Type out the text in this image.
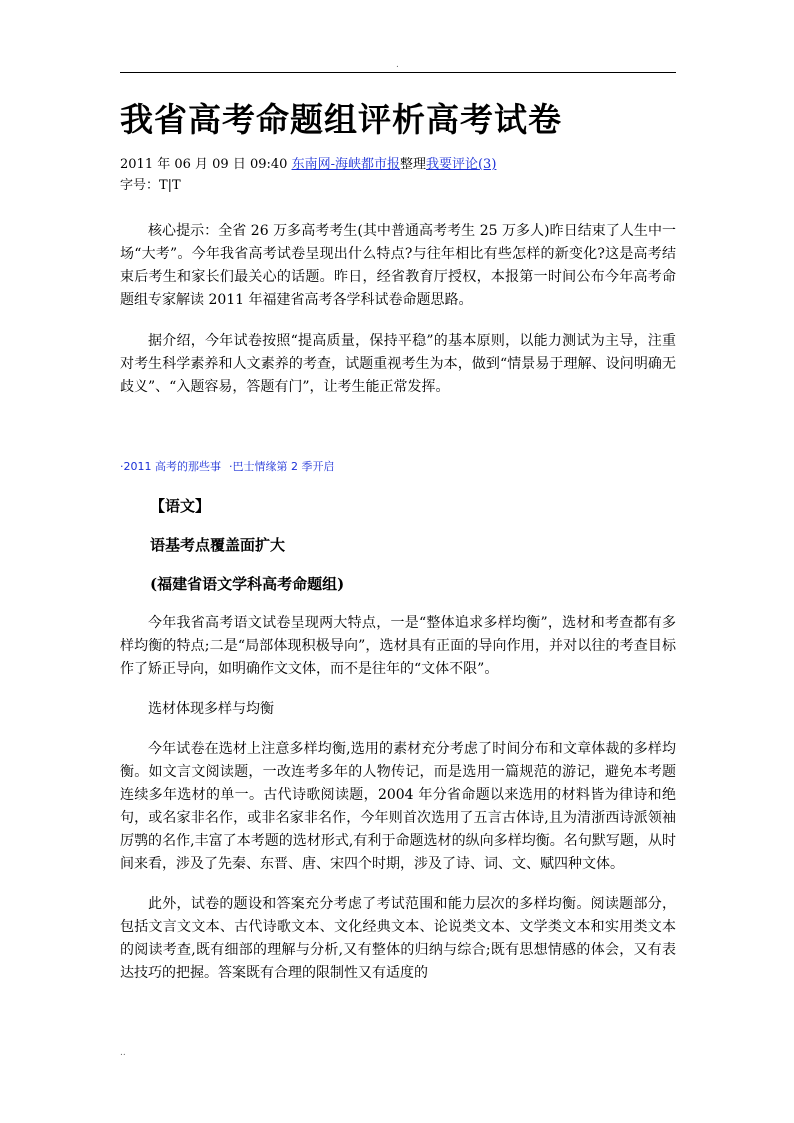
.
我省高考命题组评析高考试卷
2011 年 06 月 09 日 09:40 东南网-海峡都市报整理我要评论(3)
字号：T|T

核心提示：全省 26 万多高考考生(其中普通高考考生 25 万多人)昨日结束了人生中一场“大考”。今年我省高考试卷呈现出什么特点?与往年相比有些怎样的新变化?这是高考结束后考生和家长们最关心的话题。昨日，经省教育厅授权，本报第一时间公布今年高考命题组专家解读 2011 年福建省高考各学科试卷命题思路。

据介绍，今年试卷按照“提高质量，保持平稳”的基本原则，以能力测试为主导，注重对考生科学素养和人文素养的考查，试题重视考生为本，做到“情景易于理解、设问明确无歧义”、“入题容易，答题有门”，让考生能正常发挥。

·2011 高考的那些事 ·巴士情缘第 2 季开启
【语文】
语基考点覆盖面扩大
(福建省语文学科高考命题组)

今年我省高考语文试卷呈现两大特点，一是“整体追求多样均衡”，选材和考查都有多样均衡的特点;二是“局部体现积极导向”，选材具有正面的导向作用，并对以往的考查目标作了矫正导向，如明确作文文体，而不是往年的“文体不限”。

选材体现多样与均衡

今年试卷在选材上注意多样均衡,选用的素材充分考虑了时间分布和文章体裁的多样均衡。如文言文阅读题，一改连考多年的人物传记，而是选用一篇规范的游记，避免本考题连续多年选材的单一。古代诗歌阅读题，2004 年分省命题以来选用的材料皆为律诗和绝句，或名家非名作，或非名家非名作，今年则首次选用了五言古体诗,且为清浙西诗派领袖厉鹗的名作,丰富了本考题的选材形式,有利于命题选材的纵向多样均衡。名句默写题，从时间来看，涉及了先秦、东晋、唐、宋四个时期，涉及了诗、词、文、赋四种文体。

此外，试卷的题设和答案充分考虑了考试范围和能力层次的多样均衡。阅读题部分，包括文言文文本、古代诗歌文本、文化经典文本、论说类文本、文学类文本和实用类文本的阅读考查,既有细部的理解与分析,又有整体的归纳与综合;既有思想情感的体会，又有表达技巧的把握。答案既有合理的限制性又有适度的

..
